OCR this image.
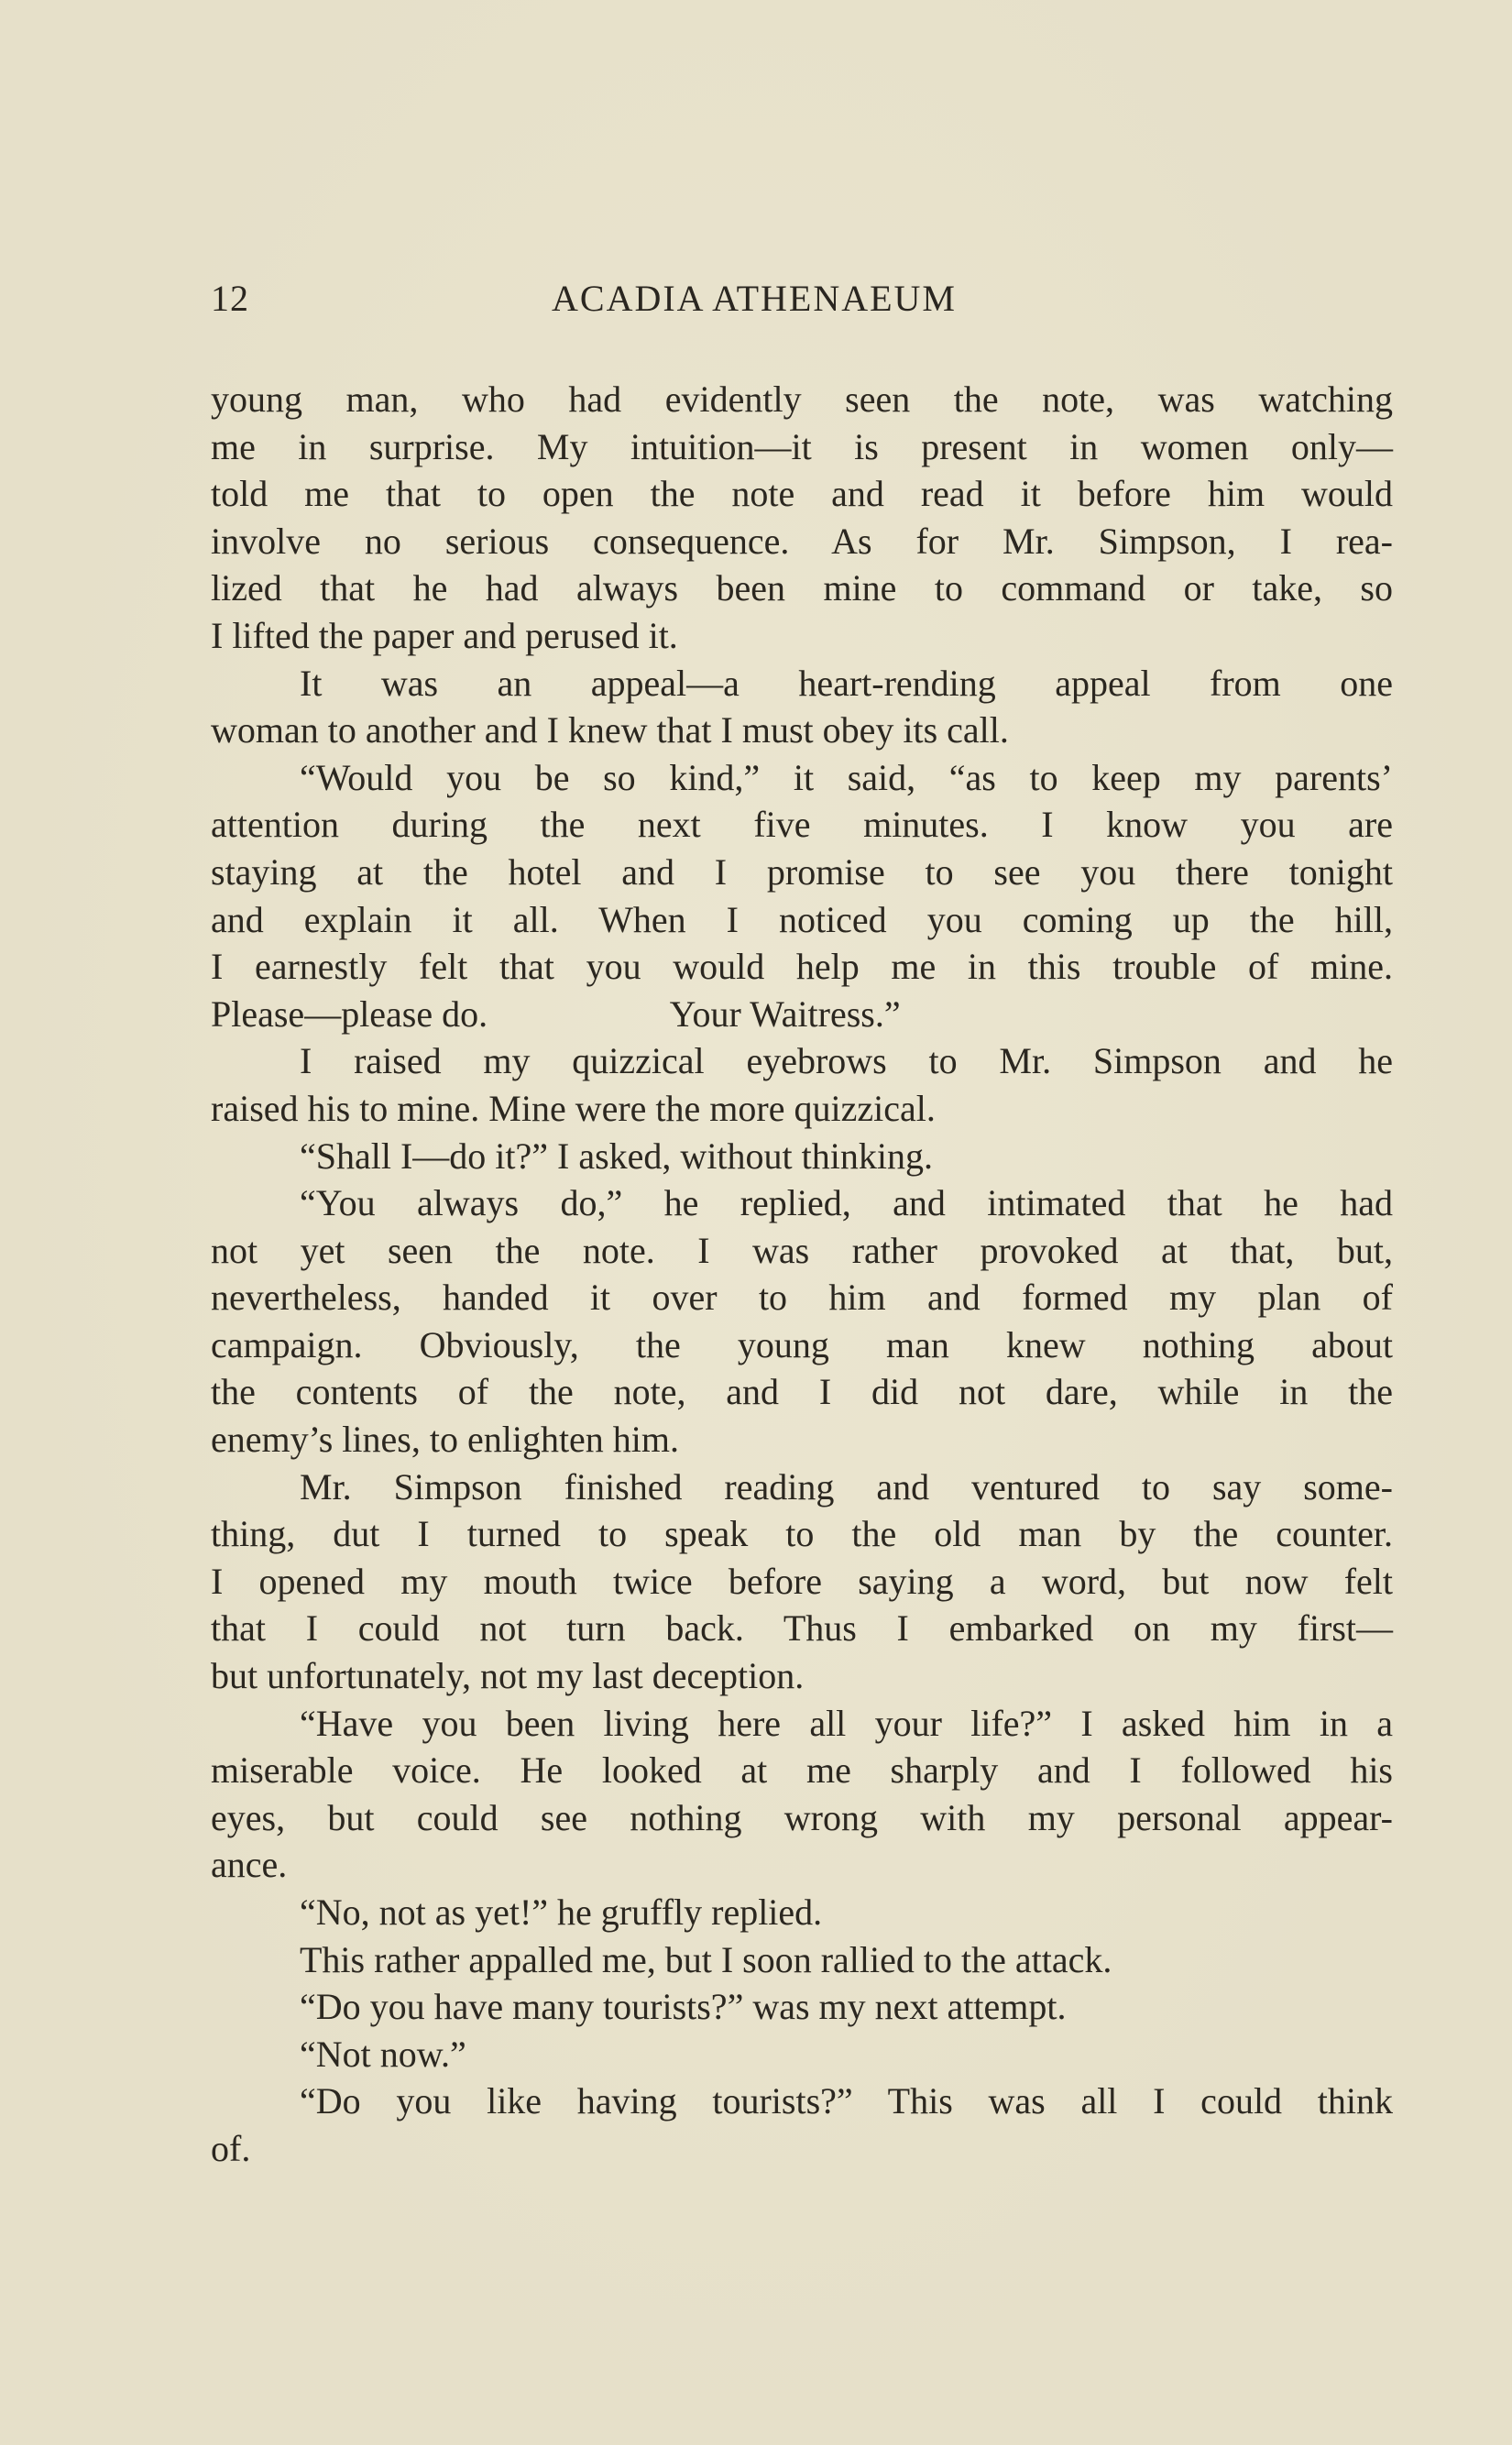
12	ACADIA ATHENAEUM
young man, who had evidently seen the note, was watching
me in surprise. My intuition—it is present in women only—
told me that to open the note and read it before him would
involve no serious consequence. As for Mr. Simpson, I rea-
lized that he had always been mine to command or take, so
I lifted the paper and perused it.
It was an appeal—a heart-rending appeal from one
woman to another and I knew that I must obey its call.
“Would you be so kind,” it said, “as to keep my parents’
attention during the next five minutes. I know you are
staying at the hotel and I promise to see you there tonight
and explain it all. When I noticed you coming up the hill,
I earnestly felt that you would help me in this trouble of mine.
Please—please do.                    Your Waitress.”
I raised my quizzical eyebrows to Mr. Simpson and he
raised his to mine. Mine were the more quizzical.
“Shall I—do it?” I asked, without thinking.
“You always do,” he replied, and intimated that he had
not yet seen the note. I was rather provoked at that, but,
nevertheless, handed it over to him and formed my plan of
campaign. Obviously, the young man knew nothing about
the contents of the note, and I did not dare, while in the
enemy’s lines, to enlighten him.
Mr. Simpson finished reading and ventured to say some-
thing, dut I turned to speak to the old man by the counter.
I opened my mouth twice before saying a word, but now felt
that I could not turn back. Thus I embarked on my first—
but unfortunately, not my last deception.
“Have you been living here all your life?” I asked him in a
miserable voice. He looked at me sharply and I followed his
eyes, but could see nothing wrong with my personal appear-
ance.
“No, not as yet!” he gruffly replied.
This rather appalled me, but I soon rallied to the attack.
“Do you have many tourists?” was my next attempt.
“Not now.”
“Do you like having tourists?” This was all I could think
of.
